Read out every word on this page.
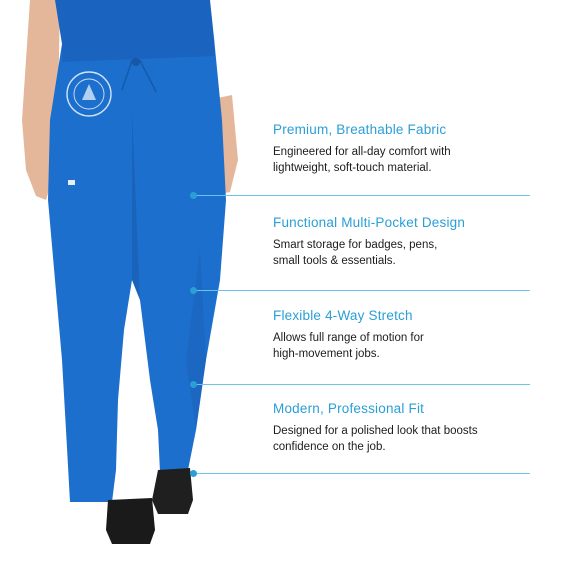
Premium, Breathable Fabric
Engineered for all-day comfort with
lightweight, soft-touch material.
Functional Multi-Pocket Design
Smart storage for badges, pens,
small tools & essentials.
Flexible 4-Way Stretch
Allows full range of motion for
high-movement jobs.
Modern, Professional Fit
Designed for a polished look that boosts
confidence on the job.
